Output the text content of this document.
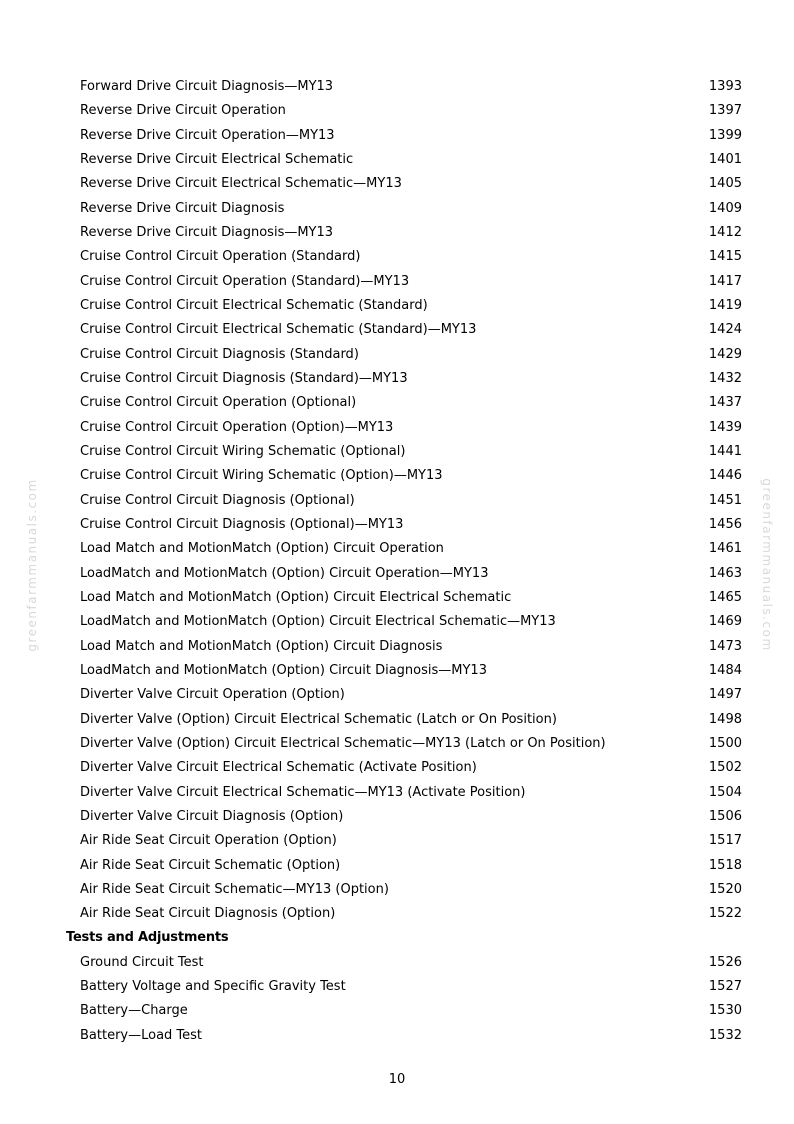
greenfarmmanuals.com	greenfarmmanuals.com
Forward Drive Circuit Diagnosis—MY13	1393
Reverse Drive Circuit Operation	1397
Reverse Drive Circuit Operation—MY13	1399
Reverse Drive Circuit Electrical Schematic	1401
Reverse Drive Circuit Electrical Schematic—MY13	1405
Reverse Drive Circuit Diagnosis	1409
Reverse Drive Circuit Diagnosis—MY13	1412
Cruise Control Circuit Operation (Standard)	1415
Cruise Control Circuit Operation (Standard)—MY13	1417
Cruise Control Circuit Electrical Schematic (Standard)	1419
Cruise Control Circuit Electrical Schematic (Standard)—MY13	1424
Cruise Control Circuit Diagnosis (Standard)	1429
Cruise Control Circuit Diagnosis (Standard)—MY13	1432
Cruise Control Circuit Operation (Optional)	1437
Cruise Control Circuit Operation (Option)—MY13	1439
Cruise Control Circuit Wiring Schematic (Optional)	1441
Cruise Control Circuit Wiring Schematic (Option)—MY13	1446
Cruise Control Circuit Diagnosis (Optional)	1451
Cruise Control Circuit Diagnosis (Optional)—MY13	1456
Load Match and MotionMatch (Option) Circuit Operation	1461
LoadMatch and MotionMatch (Option) Circuit Operation—MY13	1463
Load Match and MotionMatch (Option) Circuit Electrical Schematic	1465
LoadMatch and MotionMatch (Option) Circuit Electrical Schematic—MY13	1469
Load Match and MotionMatch (Option) Circuit Diagnosis	1473
LoadMatch and MotionMatch (Option) Circuit Diagnosis—MY13	1484
Diverter Valve Circuit Operation (Option)	1497
Diverter Valve (Option) Circuit Electrical Schematic (Latch or On Position)	1498
Diverter Valve (Option) Circuit Electrical Schematic—MY13 (Latch or On Position)	1500
Diverter Valve Circuit Electrical Schematic (Activate Position)	1502
Diverter Valve Circuit Electrical Schematic—MY13 (Activate Position)	1504
Diverter Valve Circuit Diagnosis (Option)	1506
Air Ride Seat Circuit Operation (Option)	1517
Air Ride Seat Circuit Schematic (Option)	1518
Air Ride Seat Circuit Schematic—MY13 (Option)	1520
Air Ride Seat Circuit Diagnosis (Option)	1522
Tests and Adjustments
Ground Circuit Test	1526
Battery Voltage and Specific Gravity Test	1527
Battery—Charge	1530
Battery—Load Test	1532
10
